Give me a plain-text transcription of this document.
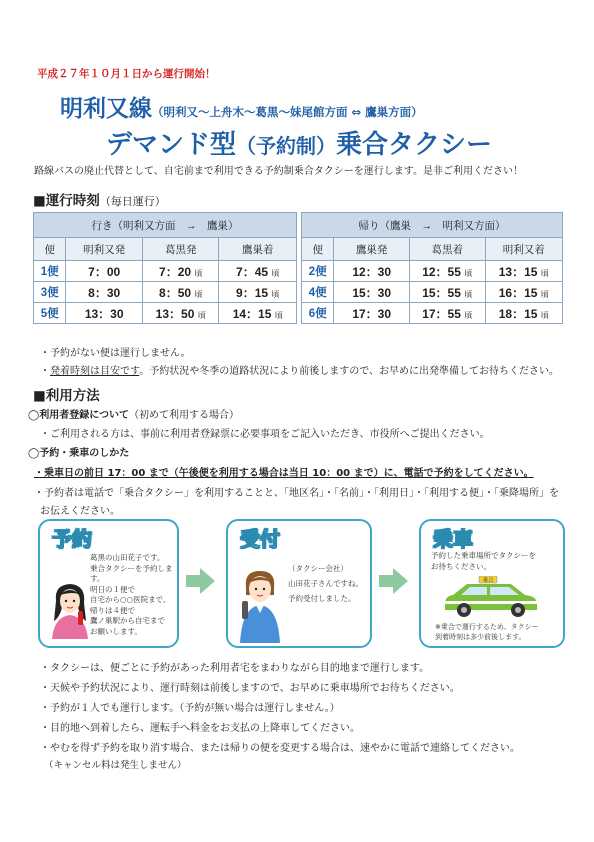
平成２７年１０月１日から運行開始！
明利又線（明利又～上舟木～葛黒～妹尾館方面 ⇔ 鷹巣方面）
デマンド型（予約制）乗合タクシー
路線バスの廃止代替として、自宅前まで利用できる予約制乗合タクシーを運行します。是非ご利用ください！
■運行時刻（毎日運行）
行き（明利又方面　→　鷹巣）			
便	明利又発	葛黒発	鷹巣着
1便	7：00	7：20 頃	7：45 頃
3便	8：30	8：50 頃	9：15 頃
5便	13：30	13：50 頃	14：15 頃
帰り（鷹巣　→　明利又方面）			
便	鷹巣発	葛黒着	明利又着
2便	12：30	12：55 頃	13：15 頃
4便	15：30	15：55 頃	16：15 頃
6便	17：30	17：55 頃	18：15 頃
・予約がない便は運行しません。
・発着時刻は目安です。予約状況や冬季の道路状況により前後しますので、お早めに出発準備してお待ちください。
■利用方法
◯利用者登録について（初めて利用する場合）
・ご利用される方は、事前に利用者登録票に必要事項をご記入いただき、市役所へご提出ください。
◯予約・乗車のしかた
・乗車日の前日 17：00 まで（午後便を利用する場合は当日 10：00 まで）に、電話で予約をしてください。
・予約者は電話で「乗合タクシー」を利用することと、「地区名」・「名前」・「利用日」・「利用する便」・「乗降場所」を
お伝えください。
予約
葛黒の山田花子です。
乗合タクシーを予約します。
明日の１便で
自宅から○○医院まで、
帰りは４便で
鷹ノ巣駅から自宅まで
お願いします。
受付
（タクシー会社）
山田花子さんですね。
予約受付しました。
乗車
予約した乗車場所でタクシーを
お待ちください。
乗合
※乗合で運行するため、タクシー
到着時刻は多少前後します。
・タクシーは、便ごとに予約があった利用者宅をまわりながら目的地まで運行します。
・天候や予約状況により、運行時刻は前後しますので、お早めに乗車場所でお待ちください。
・予約が１人でも運行します。（予約が無い場合は運行しません。）
・目的地へ到着したら、運転手へ料金をお支払の上降車してください。
・やむを得ず予約を取り消す場合、または帰りの便を変更する場合は、速やかに電話で連絡してください。
（キャンセル料は発生しません）
